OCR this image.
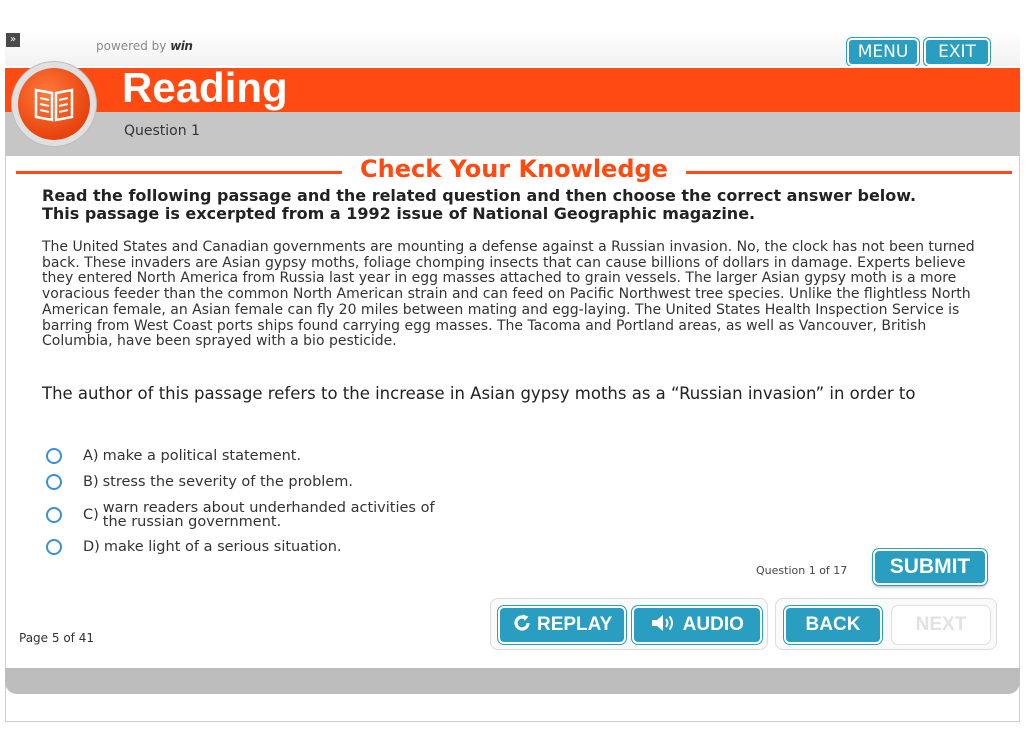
»	powered by win	MENU	EXIT
Reading
Question 1
Check Your Knowledge
Read the following passage and the related question and then choose the correct answer below. This passage is excerpted from a 1992 issue of National Geographic magazine.
The United States and Canadian governments are mounting a defense against a Russian invasion. No, the clock has not been turned back. These invaders are Asian gypsy moths, foliage chomping insects that can cause billions of dollars in damage. Experts believe they entered North America from Russia last year in egg masses attached to grain vessels. The larger Asian gypsy moth is a more voracious feeder than the common North American strain and can feed on Pacific Northwest tree species. Unlike the flightless North American female, an Asian female can fly 20 miles between mating and egg-laying. The United States Health Inspection Service is barring from West Coast ports ships found carrying egg masses. The Tacoma and Portland areas, as well as Vancouver, British Columbia, have been sprayed with a bio pesticide.
The author of this passage refers to the increase in Asian gypsy moths as a “Russian invasion” in order to
A) make a political statement.
B) stress the severity of the problem.
C) warn readers about underhanded activities of the russian government.
D) make light of a serious situation.
Question 1 of 17	SUBMIT
REPLAY	AUDIO	BACK	NEXT
Page 5 of 41
